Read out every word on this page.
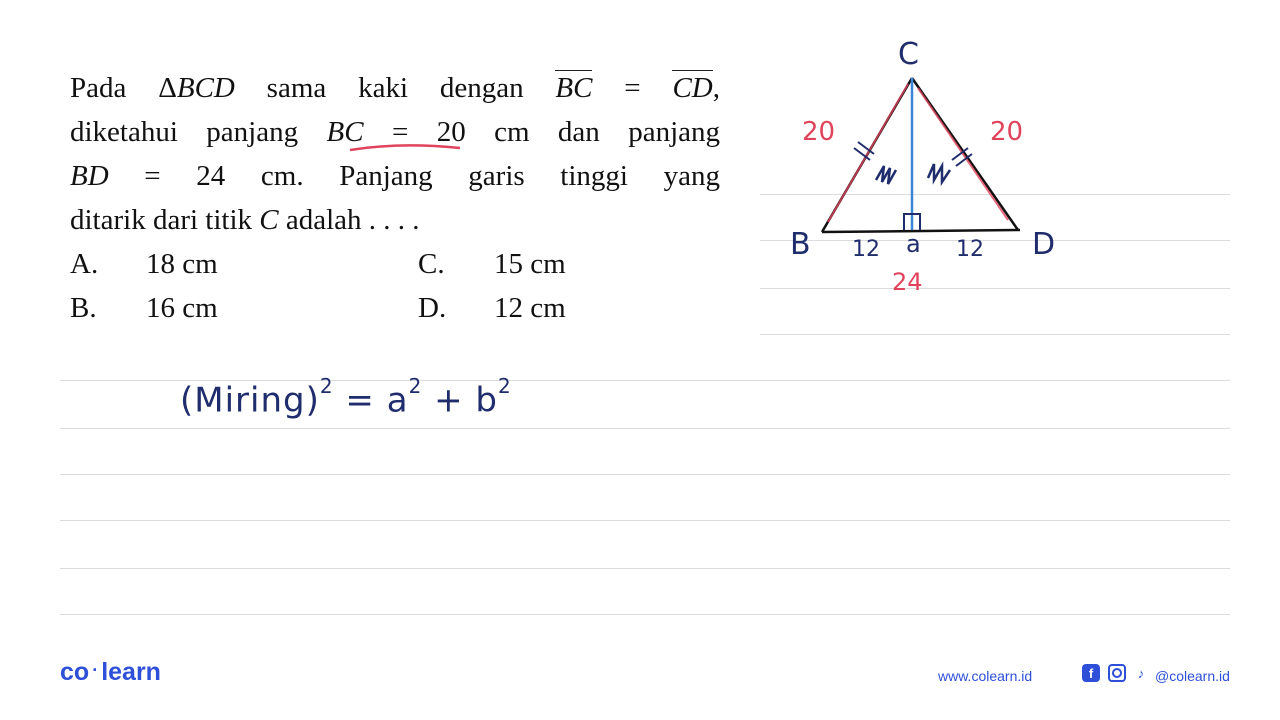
Pada ΔBCD sama kaki dengan BC = CD,
diketahui panjang BC = 20 cm dan panjang
BD = 24 cm. Panjang garis tinggi yang
ditarik dari titik C adalah . . . .
A. 18 cm
B. 16 cm
C. 15 cm
D. 12 cm
C
B	D
20	20
12	12
a
24
(Miring)$^2$ = $a^2 + b^2$
co · learn	www.colearn.id	f	♪ @colearn.id
